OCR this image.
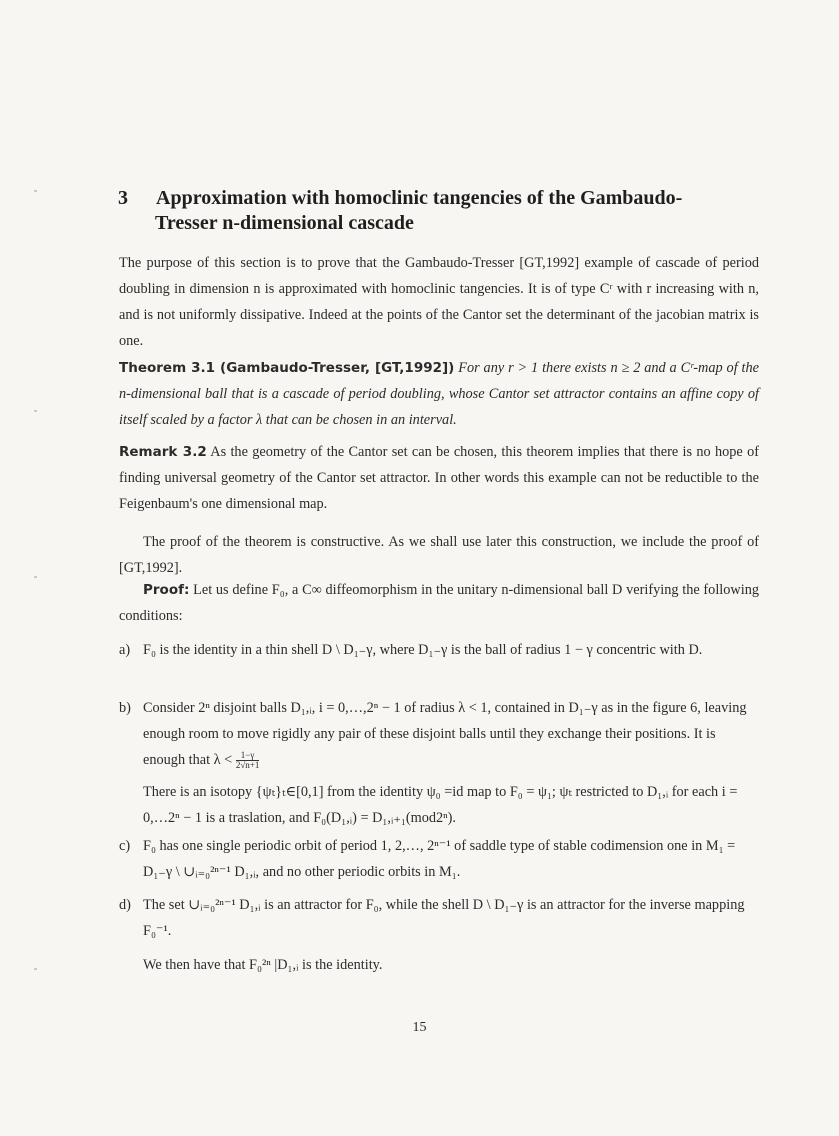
3 Approximation with homoclinic tangencies of the Gambaudo-
Tresser n-dimensional cascade
The purpose of this section is to prove that the Gambaudo-Tresser [GT,1992] example of cascade of period doubling in dimension n is approximated with homoclinic tangencies. It is of type Cʳ with r increasing with n, and is not uniformly dissipative. Indeed at the points of the Cantor set the determinant of the jacobian matrix is one.
Theorem 3.1 (Gambaudo-Tresser, [GT,1992]) For any r > 1 there exists n ≥ 2 and a Cʳ-map of the n-dimensional ball that is a cascade of period doubling, whose Cantor set attractor contains an affine copy of itself scaled by a factor λ that can be chosen in an interval.
Remark 3.2 As the geometry of the Cantor set can be chosen, this theorem implies that there is no hope of finding universal geometry of the Cantor set attractor. In other words this example can not be reductible to the Feigenbaum's one dimensional map.
The proof of the theorem is constructive. As we shall use later this construction, we include the proof of [GT,1992].
Proof: Let us define F₀, a C∞ diffeomorphism in the unitary n-dimensional ball D verifying the following conditions:
a) F₀ is the identity in a thin shell D \ D₁₋γ, where D₁₋γ is the ball of radius 1 − γ concentric with D.
b) Consider 2ⁿ disjoint balls D₁,ᵢ, i = 0,…,2ⁿ − 1 of radius λ < 1, contained in D₁₋γ as in the figure 6, leaving enough room to move rigidly any pair of these disjoint balls until they exchange their positions. It is enough that $\lambda < \frac{1-\gamma}{2√n+1}$
There is an isotopy {ψₜ}ₜ∈[0,1] from the identity ψ₀ =id map to F₀ = ψ₁; ψₜ restricted to D₁,ᵢ for each i = 0,…2ⁿ − 1 is a traslation, and F₀(D₁,ᵢ) = D₁,ᵢ₊₁(mod2ⁿ).
c) F₀ has one single periodic orbit of period 1, 2,…, 2ⁿ⁻¹ of saddle type of stable codimension one in M₁ = D₁₋γ \ ∪ᵢ₌₀²ⁿ⁻¹ D₁,ᵢ, and no other periodic orbits in M₁.
d) The set ∪ᵢ₌₀²ⁿ⁻¹ D₁,ᵢ is an attractor for F₀, while the shell D \ D₁₋γ is an attractor for the inverse mapping F₀⁻¹.
We then have that F₀²ⁿ |D₁,ᵢ is the identity.
15
